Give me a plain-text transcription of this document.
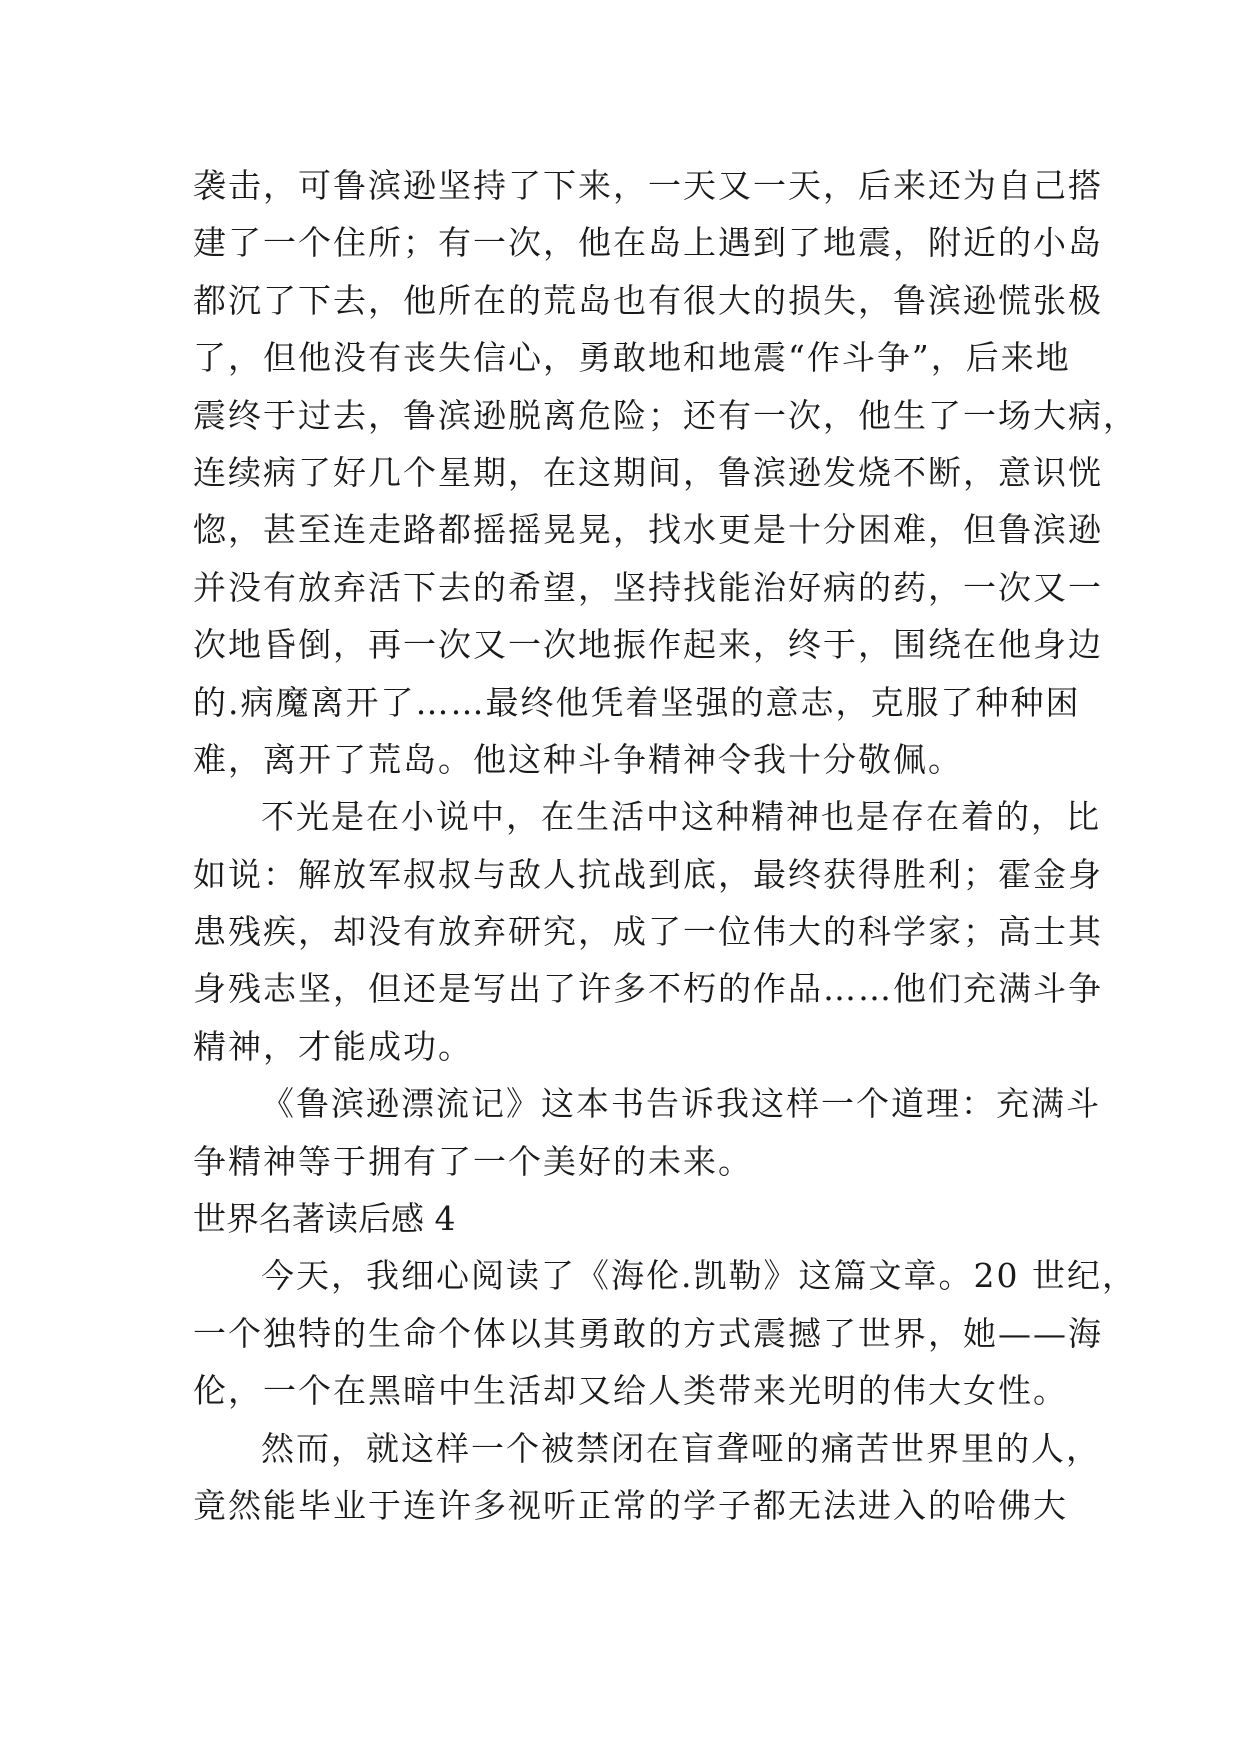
袭击，可鲁滨逊坚持了下来，一天又一天，后来还为自己搭
建了一个住所；有一次，他在岛上遇到了地震，附近的小岛
都沉了下去，他所在的荒岛也有很大的损失，鲁滨逊慌张极
了，但他没有丧失信心，勇敢地和地震“作斗争”，后来地
震终于过去，鲁滨逊脱离危险；还有一次，他生了一场大病，
连续病了好几个星期，在这期间，鲁滨逊发烧不断，意识恍
惚，甚至连走路都摇摇晃晃，找水更是十分困难，但鲁滨逊
并没有放弃活下去的希望，坚持找能治好病的药，一次又一
次地昏倒，再一次又一次地振作起来，终于，围绕在他身边
的.病魔离开了……最终他凭着坚强的意志，克服了种种困
难，离开了荒岛。他这种斗争精神令我十分敬佩。
不光是在小说中，在生活中这种精神也是存在着的，比
如说：解放军叔叔与敌人抗战到底，最终获得胜利；霍金身
患残疾，却没有放弃研究，成了一位伟大的科学家；高士其
身残志坚，但还是写出了许多不朽的作品……他们充满斗争
精神，才能成功。
《鲁滨逊漂流记》这本书告诉我这样一个道理：充满斗
争精神等于拥有了一个美好的未来。
世界名著读后感 4
今天，我细心阅读了《海伦.凯勒》这篇文章。20 世纪，
一个独特的生命个体以其勇敢的方式震撼了世界，她——海
伦，一个在黑暗中生活却又给人类带来光明的伟大女性。
然而，就这样一个被禁闭在盲聋哑的痛苦世界里的人，
竟然能毕业于连许多视听正常的学子都无法进入的哈佛大
